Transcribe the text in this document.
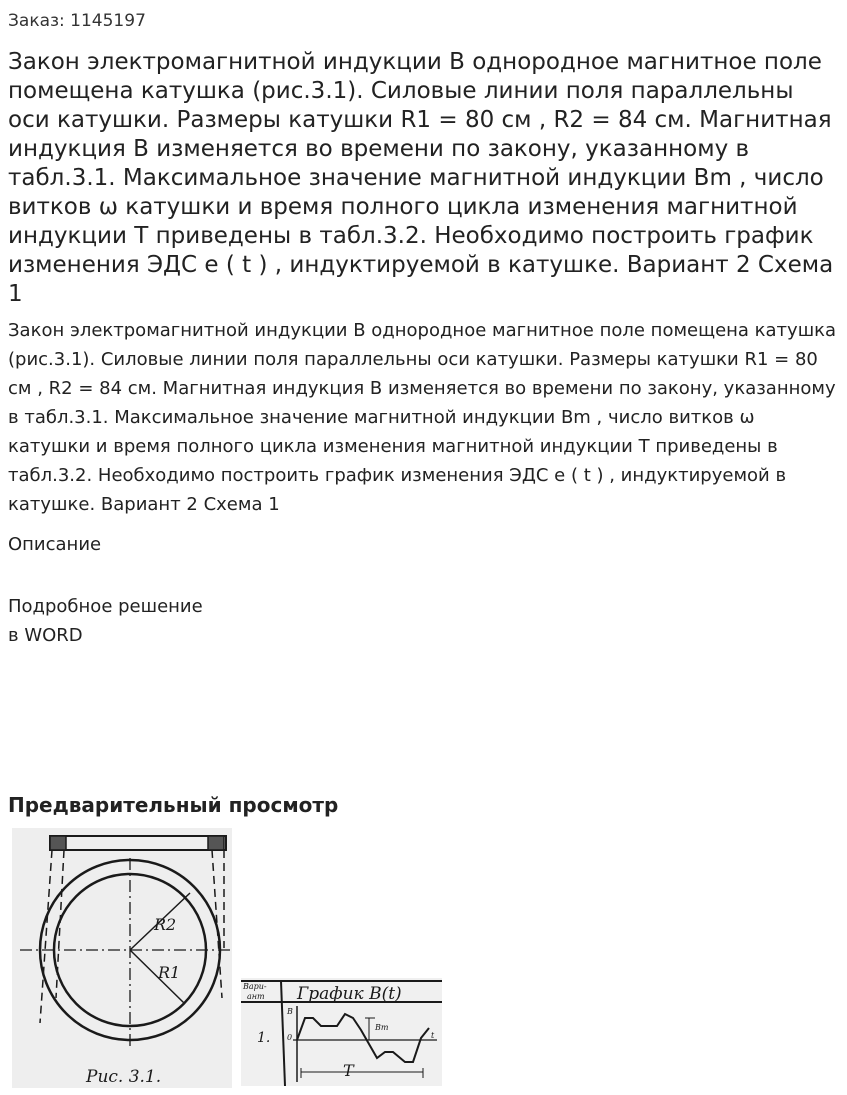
Заказ: 1145197
Закон электромагнитной индукции В однородное магнитное поле помещена катушка (рис.3.1). Силовые линии поля параллельны оси катушки. Размеры катушки R1 = 80 см , R2 = 84 см. Магнитная индукция В изменяется во времени по закону, указанному в табл.3.1. Максимальное значение магнитной индукции Bm , число витков ω катушки и время полного цикла изменения магнитной индукции Т приведены в табл.3.2. Необходимо построить график изменения ЭДС е ( t ) , индуктируемой в катушке. Вариант 2 Схема 1

Закон электромагнитной индукции В однородное магнитное поле помещена катушка (рис.3.1). Силовые линии поля параллельны оси катушки. Размеры катушки R1 = 80 см , R2 = 84 см. Магнитная индукция В изменяется во времени по закону, указанному в табл.3.1. Максимальное значение магнитной индукции Bm , число витков ω катушки и время полного цикла изменения магнитной индукции Т приведены в табл.3.2. Необходимо построить график изменения ЭДС е ( t ) , индуктируемой в катушке. Вариант 2 Схема 1

Описание
Подробное решение
в WORD
Предварительный просмотр
R2
R1
Рис. 3.1.
Вари-
ант График B(t)
1.
B
0	t
Bm
T
